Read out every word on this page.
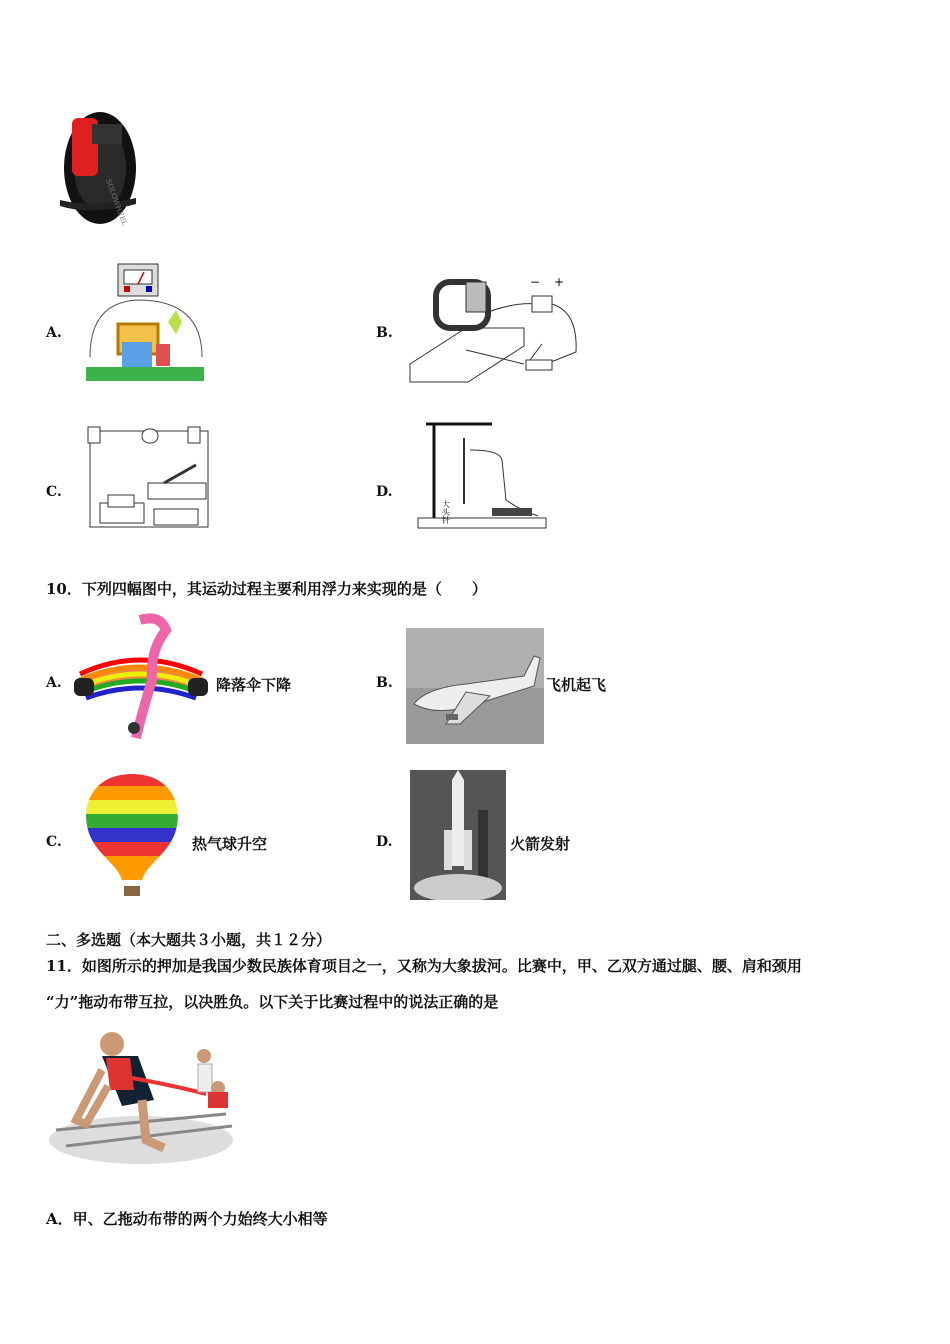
SOLOWHEEL
A.	B.
− +
C.	D.
大头针
10．下列四幅图中，其运动过程主要利用浮力来实现的是（　　）
A.	降落伞下降	B.	飞机起飞
C.	热气球升空	D.	火箭发射
二、多选题（本大题共３小题，共１２分）
11．如图所示的押加是我国少数民族体育项目之一，又称为大象拔河。比赛中，甲、乙双方通过腿、腰、肩和颈用
“力”拖动布带互拉，以决胜负。以下关于比赛过程中的说法正确的是
A．甲、乙拖动布带的两个力始终大小相等
